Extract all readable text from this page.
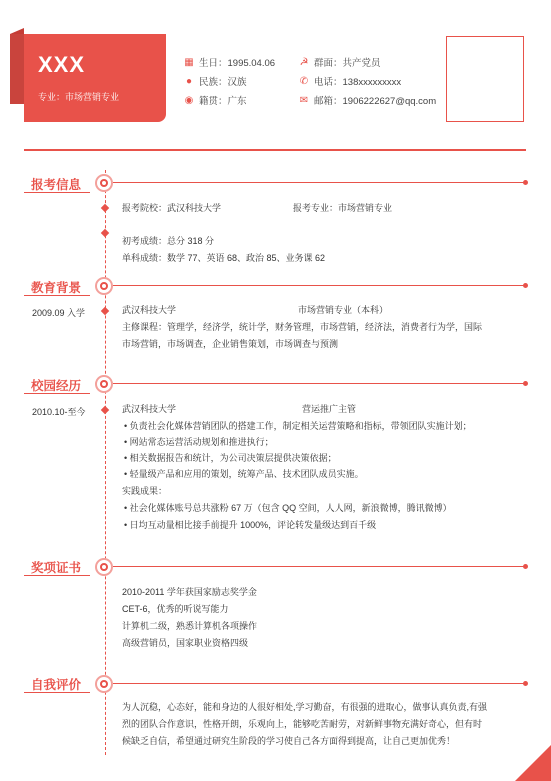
XXX
专业：市场营销专业
▦ 生日：1995.04.06
● 民族：汉族
◉ 籍贯：广东
☭ 群面：共产党员
✆ 电话：138xxxxxxxxx
✉ 邮箱：1906222627@qq.com
报考信息
报考院校：武汉科技大学	报考专业：市场营销专业
初考成绩：总分 318 分
单科成绩：数学 77、英语 68、政治 85、业务课 62
教育背景
2009.09 入学	武汉科技大学	市场营销专业（本科）
主修课程：管理学，经济学，统计学，财务管理，市场营销，经济法，消费者行为学，国际
市场营销，市场调查，企业销售策划，市场调查与预测
校园经历
2010.10-至今	武汉科技大学	营运推广主管
• 负责社会化媒体营销团队的搭建工作，制定相关运营策略和指标，带领团队实施计划；
• 网站常态运营活动规划和推进执行；
• 相关数据报告和统计，为公司决策层提供决策依据；
• 轻量级产品和应用的策划，统筹产品、技术团队成员实施。
实践成果：
• 社会化媒体账号总共涨粉 67 万（包含 QQ 空间，人人网，新浪微博，腾讯微博）
• 日均互动量相比接手前提升 1000%，评论转发量级达到百千级
奖项证书
2010-2011 学年获国家励志奖学金
CET-6，优秀的听说写能力
计算机二级，熟悉计算机各项操作
高级营销员，国家职业资格四级
自我评价
为人沉稳，心态好，能和身边的人很好相处,学习勤奋，有很强的进取心，做事认真负责,有强
烈的团队合作意识，性格开朗，乐观向上，能够吃苦耐劳，对新鲜事物充满好奇心，但有时
候缺乏自信，希望通过研究生阶段的学习使自己各方面得到提高，让自己更加优秀！
